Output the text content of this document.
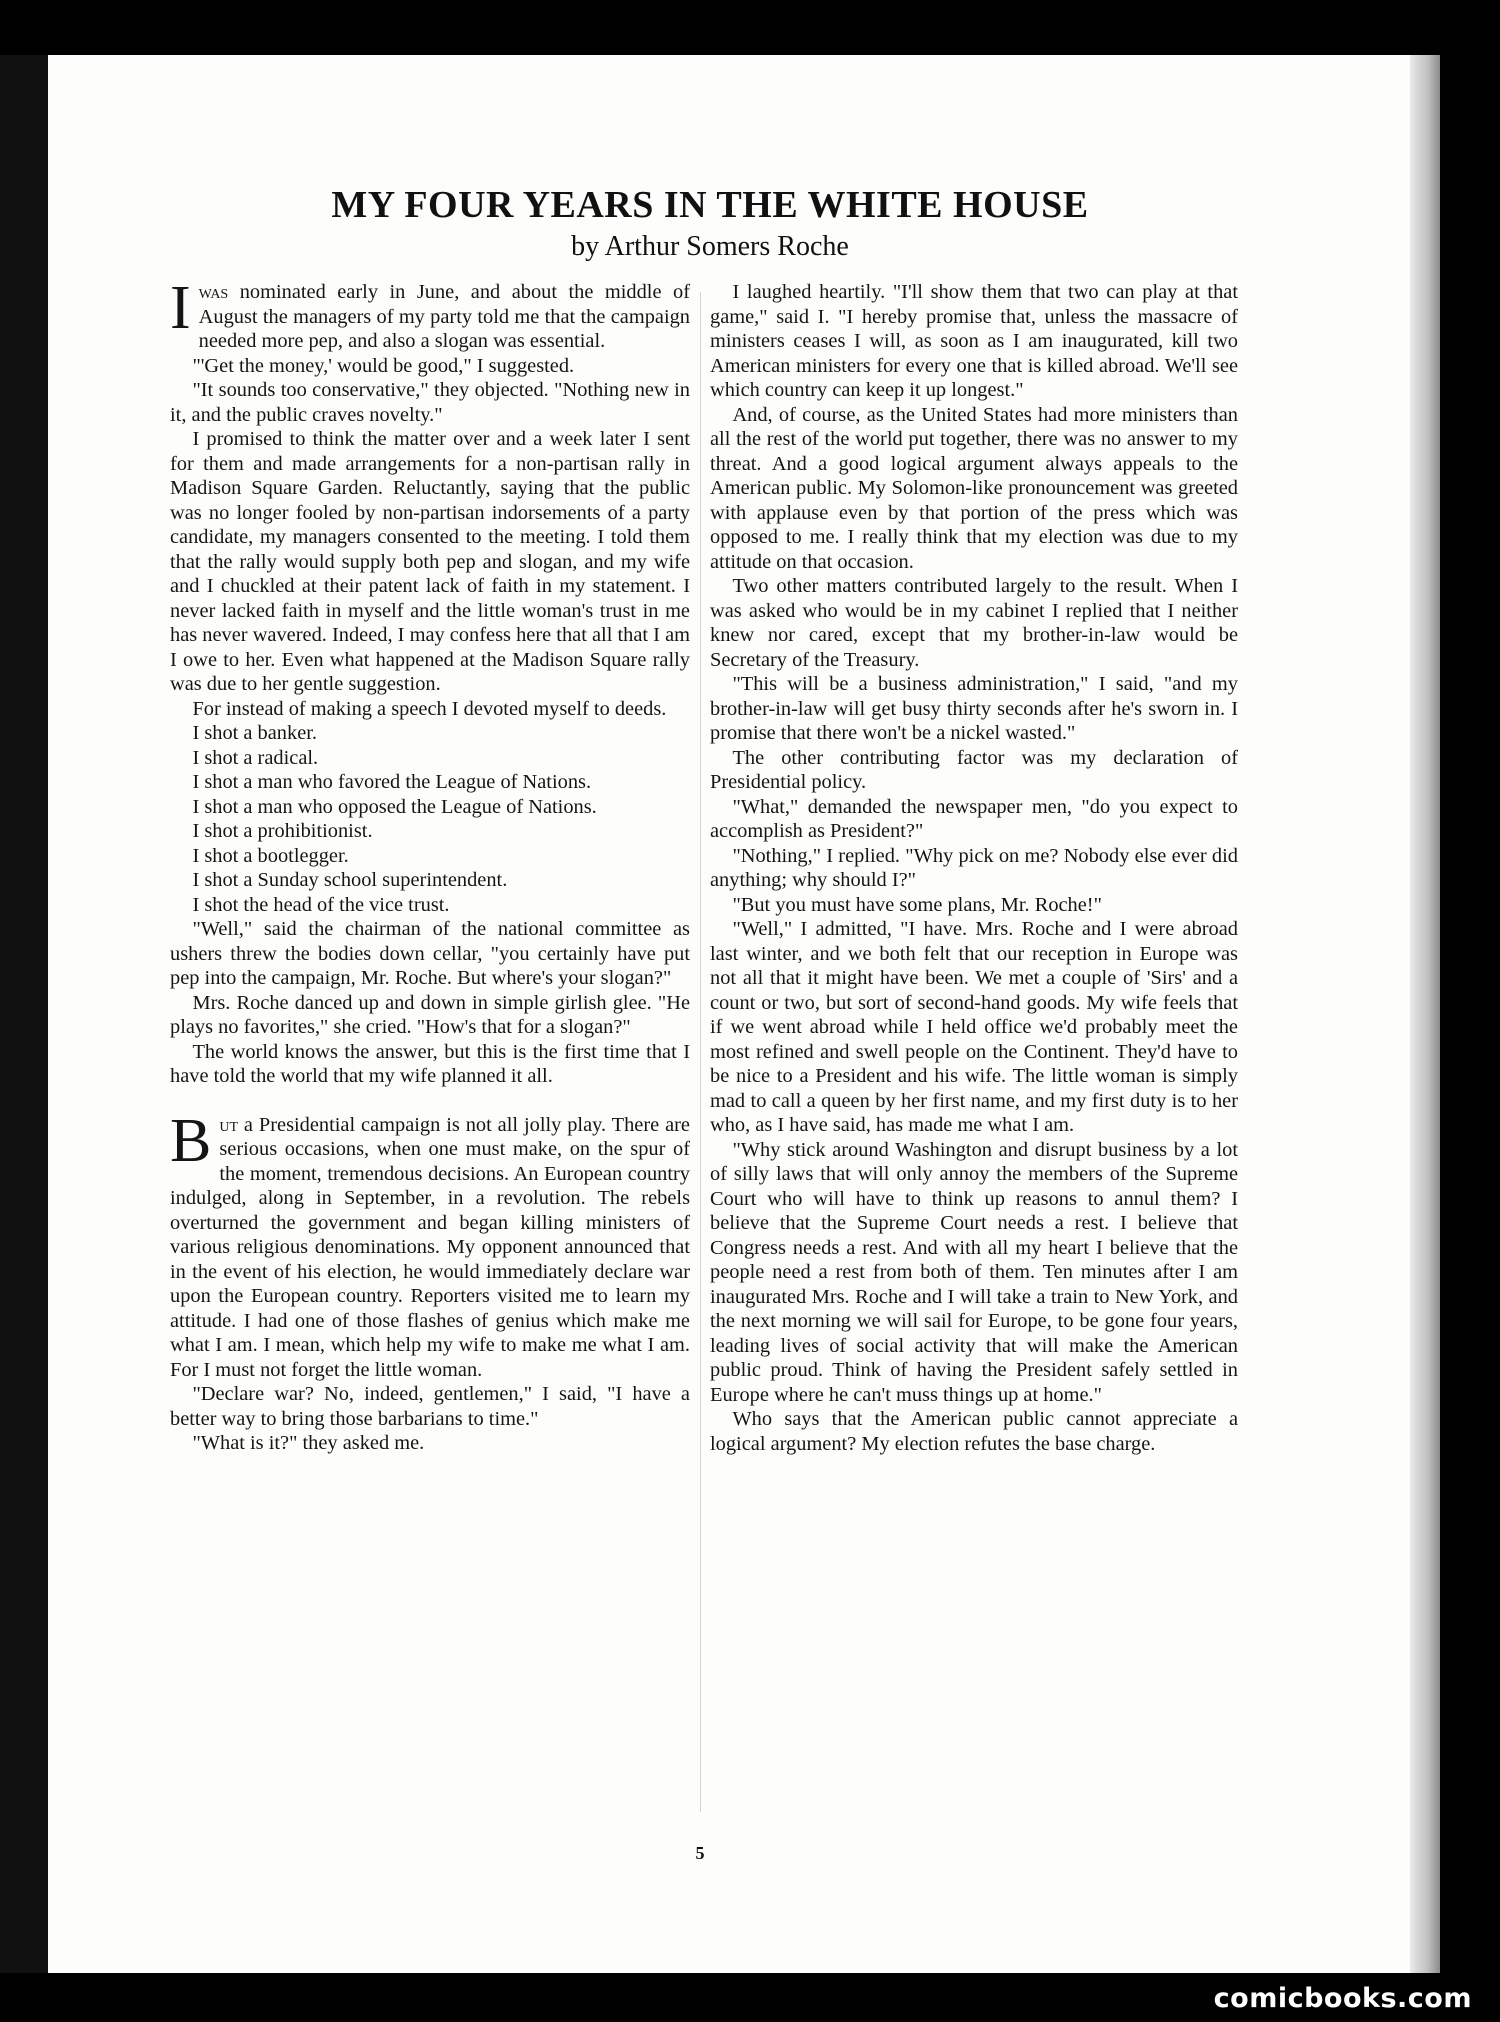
MY FOUR YEARS IN THE WHITE HOUSE
by Arthur Somers Roche

Iwas nominated early in June, and about the middle of August the managers of my party told me that the campaign needed more pep, and also a slogan was essential.

"'Get the money,' would be good," I suggested.

"It sounds too conservative," they objected. "Nothing new in it, and the public craves novelty."

I promised to think the matter over and a week later I sent for them and made arrangements for a non-partisan rally in Madison Square Garden. Reluctantly, saying that the public was no longer fooled by non-partisan indorsements of a party candidate, my managers consented to the meeting. I told them that the rally would supply both pep and slogan, and my wife and I chuckled at their patent lack of faith in my statement. I never lacked faith in myself and the little woman's trust in me has never wavered. Indeed, I may confess here that all that I am I owe to her. Even what happened at the Madison Square rally was due to her gentle suggestion.

For instead of making a speech I devoted myself to deeds.

I shot a banker.

I shot a radical.

I shot a man who favored the League of Nations.

I shot a man who opposed the League of Nations.

I shot a prohibitionist.

I shot a bootlegger.

I shot a Sunday school superintendent.

I shot the head of the vice trust.

"Well," said the chairman of the national committee as ushers threw the bodies down cellar, "you certainly have put pep into the campaign, Mr. Roche. But where's your slogan?"

Mrs. Roche danced up and down in simple girlish glee. "He plays no favorites," she cried. "How's that for a slogan?"

The world knows the answer, but this is the first time that I have told the world that my wife planned it all.

But a Presidential campaign is not all jolly play. There are serious occasions, when one must make, on the spur of the moment, tremendous decisions. An European country indulged, along in September, in a revolution. The rebels overturned the government and began killing ministers of various religious denominations. My opponent announced that in the event of his election, he would immediately declare war upon the European country. Reporters visited me to learn my attitude. I had one of those flashes of genius which make me what I am. I mean, which help my wife to make me what I am. For I must not forget the little woman.

"Declare war? No, indeed, gentlemen," I said, "I have a better way to bring those barbarians to time."

"What is it?" they asked me.

I laughed heartily. "I'll show them that two can play at that game," said I. "I hereby promise that, unless the massacre of ministers ceases I will, as soon as I am inaugurated, kill two American ministers for every one that is killed abroad. We'll see which country can keep it up longest."

And, of course, as the United States had more ministers than all the rest of the world put together, there was no answer to my threat. And a good logical argument always appeals to the American public. My Solomon-like pronouncement was greeted with applause even by that portion of the press which was opposed to me. I really think that my election was due to my attitude on that occasion.

Two other matters contributed largely to the result. When I was asked who would be in my cabinet I replied that I neither knew nor cared, except that my brother-in-law would be Secretary of the Treasury.

"This will be a business administration," I said, "and my brother-in-law will get busy thirty seconds after he's sworn in. I promise that there won't be a nickel wasted."

The other contributing factor was my declaration of Presidential policy.

"What," demanded the newspaper men, "do you expect to accomplish as President?"

"Nothing," I replied. "Why pick on me? Nobody else ever did anything; why should I?"

"But you must have some plans, Mr. Roche!"

"Well," I admitted, "I have. Mrs. Roche and I were abroad last winter, and we both felt that our reception in Europe was not all that it might have been. We met a couple of 'Sirs' and a count or two, but sort of second-hand goods. My wife feels that if we went abroad while I held office we'd probably meet the most refined and swell people on the Continent. They'd have to be nice to a President and his wife. The little woman is simply mad to call a queen by her first name, and my first duty is to her who, as I have said, has made me what I am.

"Why stick around Washington and disrupt business by a lot of silly laws that will only annoy the members of the Supreme Court who will have to think up reasons to annul them? I believe that the Supreme Court needs a rest. I believe that Congress needs a rest. And with all my heart I believe that the people need a rest from both of them. Ten minutes after I am inaugurated Mrs. Roche and I will take a train to New York, and the next morning we will sail for Europe, to be gone four years, leading lives of social activity that will make the American public proud. Think of having the President safely settled in Europe where he can't muss things up at home."

Who says that the American public cannot appreciate a logical argument? My election refutes the base charge.

5
comicbooks.com
